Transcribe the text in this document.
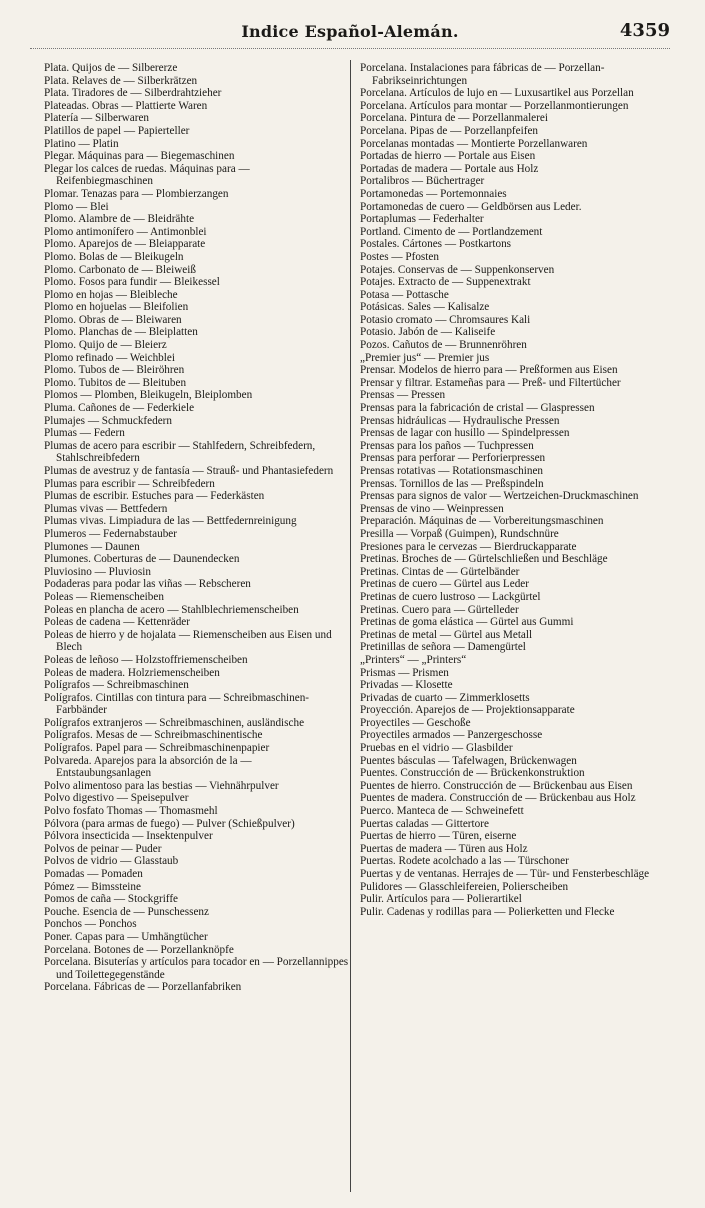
Indice Español-Alemán.	4359
Plata. Quijos de — Silbererze
Plata. Relaves de — Silberkrätzen
Plata. Tiradores de — Silberdrahtzieher
Plateadas. Obras — Plattierte Waren
Platería — Silberwaren
Platillos de papel — Papierteller
Platino — Platin
Plegar. Máquinas para — Biegemaschinen
Plegar los calces de ruedas. Máquinas para — Reifenbiegmaschinen
Plomar. Tenazas para — Plombierzangen
Plomo — Blei
Plomo. Alambre de — Bleidrähte
Plomo antimonífero — Antimonblei
Plomo. Aparejos de — Bleiapparate
Plomo. Bolas de — Bleikugeln
Plomo. Carbonato de — Bleiweiß
Plomo. Fosos para fundir — Bleikessel
Plomo en hojas — Bleibleche
Plomo en hojuelas — Bleifolien
Plomo. Obras de — Bleiwaren
Plomo. Planchas de — Bleiplatten
Plomo. Quijo de — Bleierz
Plomo refinado — Weichblei
Plomo. Tubos de — Bleiröhren
Plomo. Tubitos de — Bleituben
Plomos — Plomben, Bleikugeln, Bleiplomben
Pluma. Cañones de — Federkiele
Plumajes — Schmuckfedern
Plumas — Federn
Plumas de acero para escribir — Stahlfedern, Schreibfedern, Stahlschreibfedern
Plumas de avestruz y de fantasía — Strauß- und Phantasiefedern
Plumas para escribir — Schreibfedern
Plumas de escribir. Estuches para — Federkästen
Plumas vivas — Bettfedern
Plumas vivas. Limpiadura de las — Bettfedernreinigung
Plumeros — Federnabstauber
Plumones — Daunen
Plumones. Coberturas de — Daunendecken
Pluviosino — Pluviosin
Podaderas para podar las viñas — Rebscheren
Poleas — Riemenscheiben
Poleas en plancha de acero — Stahlblechriemenscheiben
Poleas de cadena — Kettenräder
Poleas de hierro y de hojalata — Riemenscheiben aus Eisen und Blech
Poleas de leñoso — Holzstoffriemenscheiben
Poleas de madera. Holzriemenscheiben
Polígrafos — Schreibmaschinen
Polígrafos. Cintillas con tintura para — Schreibmaschinen-Farbbänder
Polígrafos extranjeros — Schreibmaschinen, ausländische
Polígrafos. Mesas de — Schreibmaschinentische
Polígrafos. Papel para — Schreibmaschinenpapier
Polvareda. Aparejos para la absorción de la — Entstaubungsanlagen
Polvo alimentoso para las bestias — Viehnährpulver
Polvo digestivo — Speisepulver
Polvo fosfato Thomas — Thomasmehl
Pólvora (para armas de fuego) — Pulver (Schießpulver)
Pólvora insecticida — Insektenpulver
Polvos de peinar — Puder
Polvos de vidrio — Glasstaub
Pomadas — Pomaden
Pómez — Bimssteine
Pomos de caña — Stockgriffe
Pouche. Esencia de — Punschessenz
Ponchos — Ponchos
Poner. Capas para — Umhängtücher
Porcelana. Botones de — Porzellanknöpfe
Porcelana. Bisuterías y artículos para tocador en — Porzellannippes und Toilettegegenstände
Porcelana. Fábricas de — Porzellanfabriken
Porcelana. Instalaciones para fábricas de — Porzellan-Fabrikseinrichtungen
Porcelana. Artículos de lujo en — Luxusartikel aus Porzellan
Porcelana. Artículos para montar — Porzellanmontierungen
Porcelana. Pintura de — Porzellanmalerei
Porcelana. Pipas de — Porzellanpfeifen
Porcelanas montadas — Montierte Porzellanwaren
Portadas de hierro — Portale aus Eisen
Portadas de madera — Portale aus Holz
Portalibros — Büchertrager
Portamonedas — Portemonnaies
Portamonedas de cuero — Geldbörsen aus Leder.
Portaplumas — Federhalter
Portland. Cimento de — Portlandzement
Postales. Cártones — Postkartons
Postes — Pfosten
Potajes. Conservas de — Suppenkonserven
Potajes. Extracto de — Suppenextrakt
Potasa — Pottasche
Potásicas. Sales — Kalisalze
Potasio cromato — Chromsaures Kali
Potasio. Jabón de — Kaliseife
Pozos. Cañutos de — Brunnenröhren
„Premier jus“ — Premier jus
Prensar. Modelos de hierro para — Preßformen aus Eisen
Prensar y filtrar. Estameñas para — Preß- und Filtertücher
Prensas — Pressen
Prensas para la fabricación de cristal — Glaspressen
Prensas hidráulicas — Hydraulische Pressen
Prensas de lagar con husillo — Spindelpressen
Prensas para los paños — Tuchpressen
Prensas para perforar — Perforierpressen
Prensas rotativas — Rotationsmaschinen
Prensas. Tornillos de las — Preßspindeln
Prensas para signos de valor — Wertzeichen-Druckmaschinen
Prensas de vino — Weinpressen
Preparación. Máquinas de — Vorbereitungsmaschinen
Presilla — Vorpaß (Guimpen), Rundschnüre
Presiones para le cervezas — Bierdruckapparate
Pretinas. Broches de — Gürtelschließen und Beschläge
Pretinas. Cintas de — Gürtelbänder
Pretinas de cuero — Gürtel aus Leder
Pretinas de cuero lustroso — Lackgürtel
Pretinas. Cuero para — Gürtelleder
Pretinas de goma elástica — Gürtel aus Gummi
Pretinas de metal — Gürtel aus Metall
Pretinillas de señora — Damengürtel
„Printers“ — „Printers“
Prismas — Prismen
Privadas — Klosette
Privadas de cuarto — Zimmerklosetts
Proyección. Aparejos de — Projektionsapparate
Proyectiles — Geschoße
Proyectiles armados — Panzergeschosse
Pruebas en el vidrio — Glasbilder
Puentes básculas — Tafelwagen, Brückenwagen
Puentes. Construcción de — Brückenkonstruktion
Puentes de hierro. Construcción de — Brückenbau aus Eisen
Puentes de madera. Construcción de — Brückenbau aus Holz
Puerco. Manteca de — Schweinefett
Puertas caladas — Gittertore
Puertas de hierro — Türen, eiserne
Puertas de madera — Türen aus Holz
Puertas. Rodete acolchado a las — Türschoner
Puertas y de ventanas. Herrajes de — Tür- und Fensterbeschläge
Pulidores — Glasschleifereien, Polierscheiben
Pulir. Artículos para — Polierartikel
Pulir. Cadenas y rodillas para — Polierketten und Flecke
